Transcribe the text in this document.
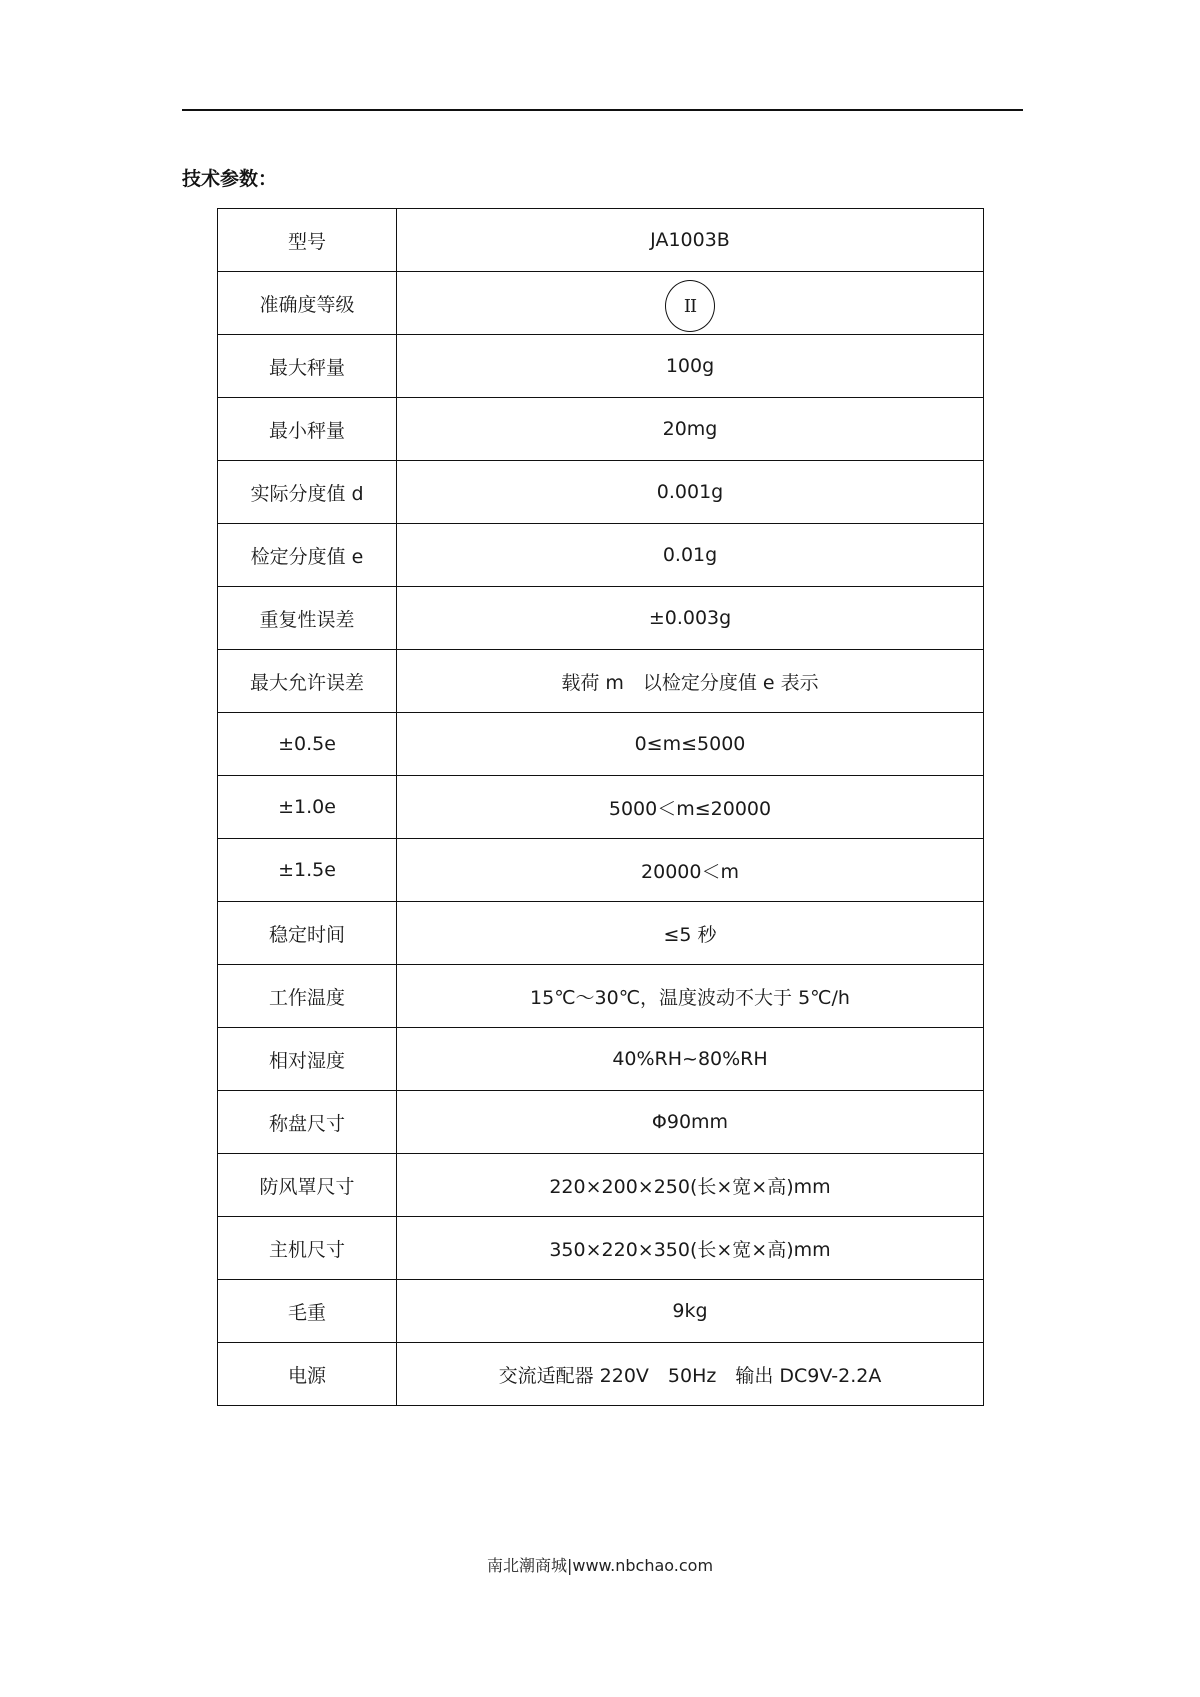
技术参数：
型号	JA1003B
准确度等级	II
最大秤量	100g
最小秤量	20mg
实际分度值 d	0.001g
检定分度值 e	0.01g
重复性误差	±0.003g
最大允许误差	载荷 m　以检定分度值 e 表示
±0.5e	0≤m≤5000
±1.0e	5000＜m≤20000
±1.5e	20000＜m
稳定时间	≤5 秒
工作温度	15℃～30℃，温度波动不大于 5℃/h
相对湿度	40%RH~80%RH
称盘尺寸	Φ90mm
防风罩尺寸	220×200×250(长×宽×高)mm
主机尺寸	350×220×350(长×宽×高)mm
毛重	9kg
电源	交流适配器 220V　50Hz　输出 DC9V-2.2A
南北潮商城|www.nbchao.com
